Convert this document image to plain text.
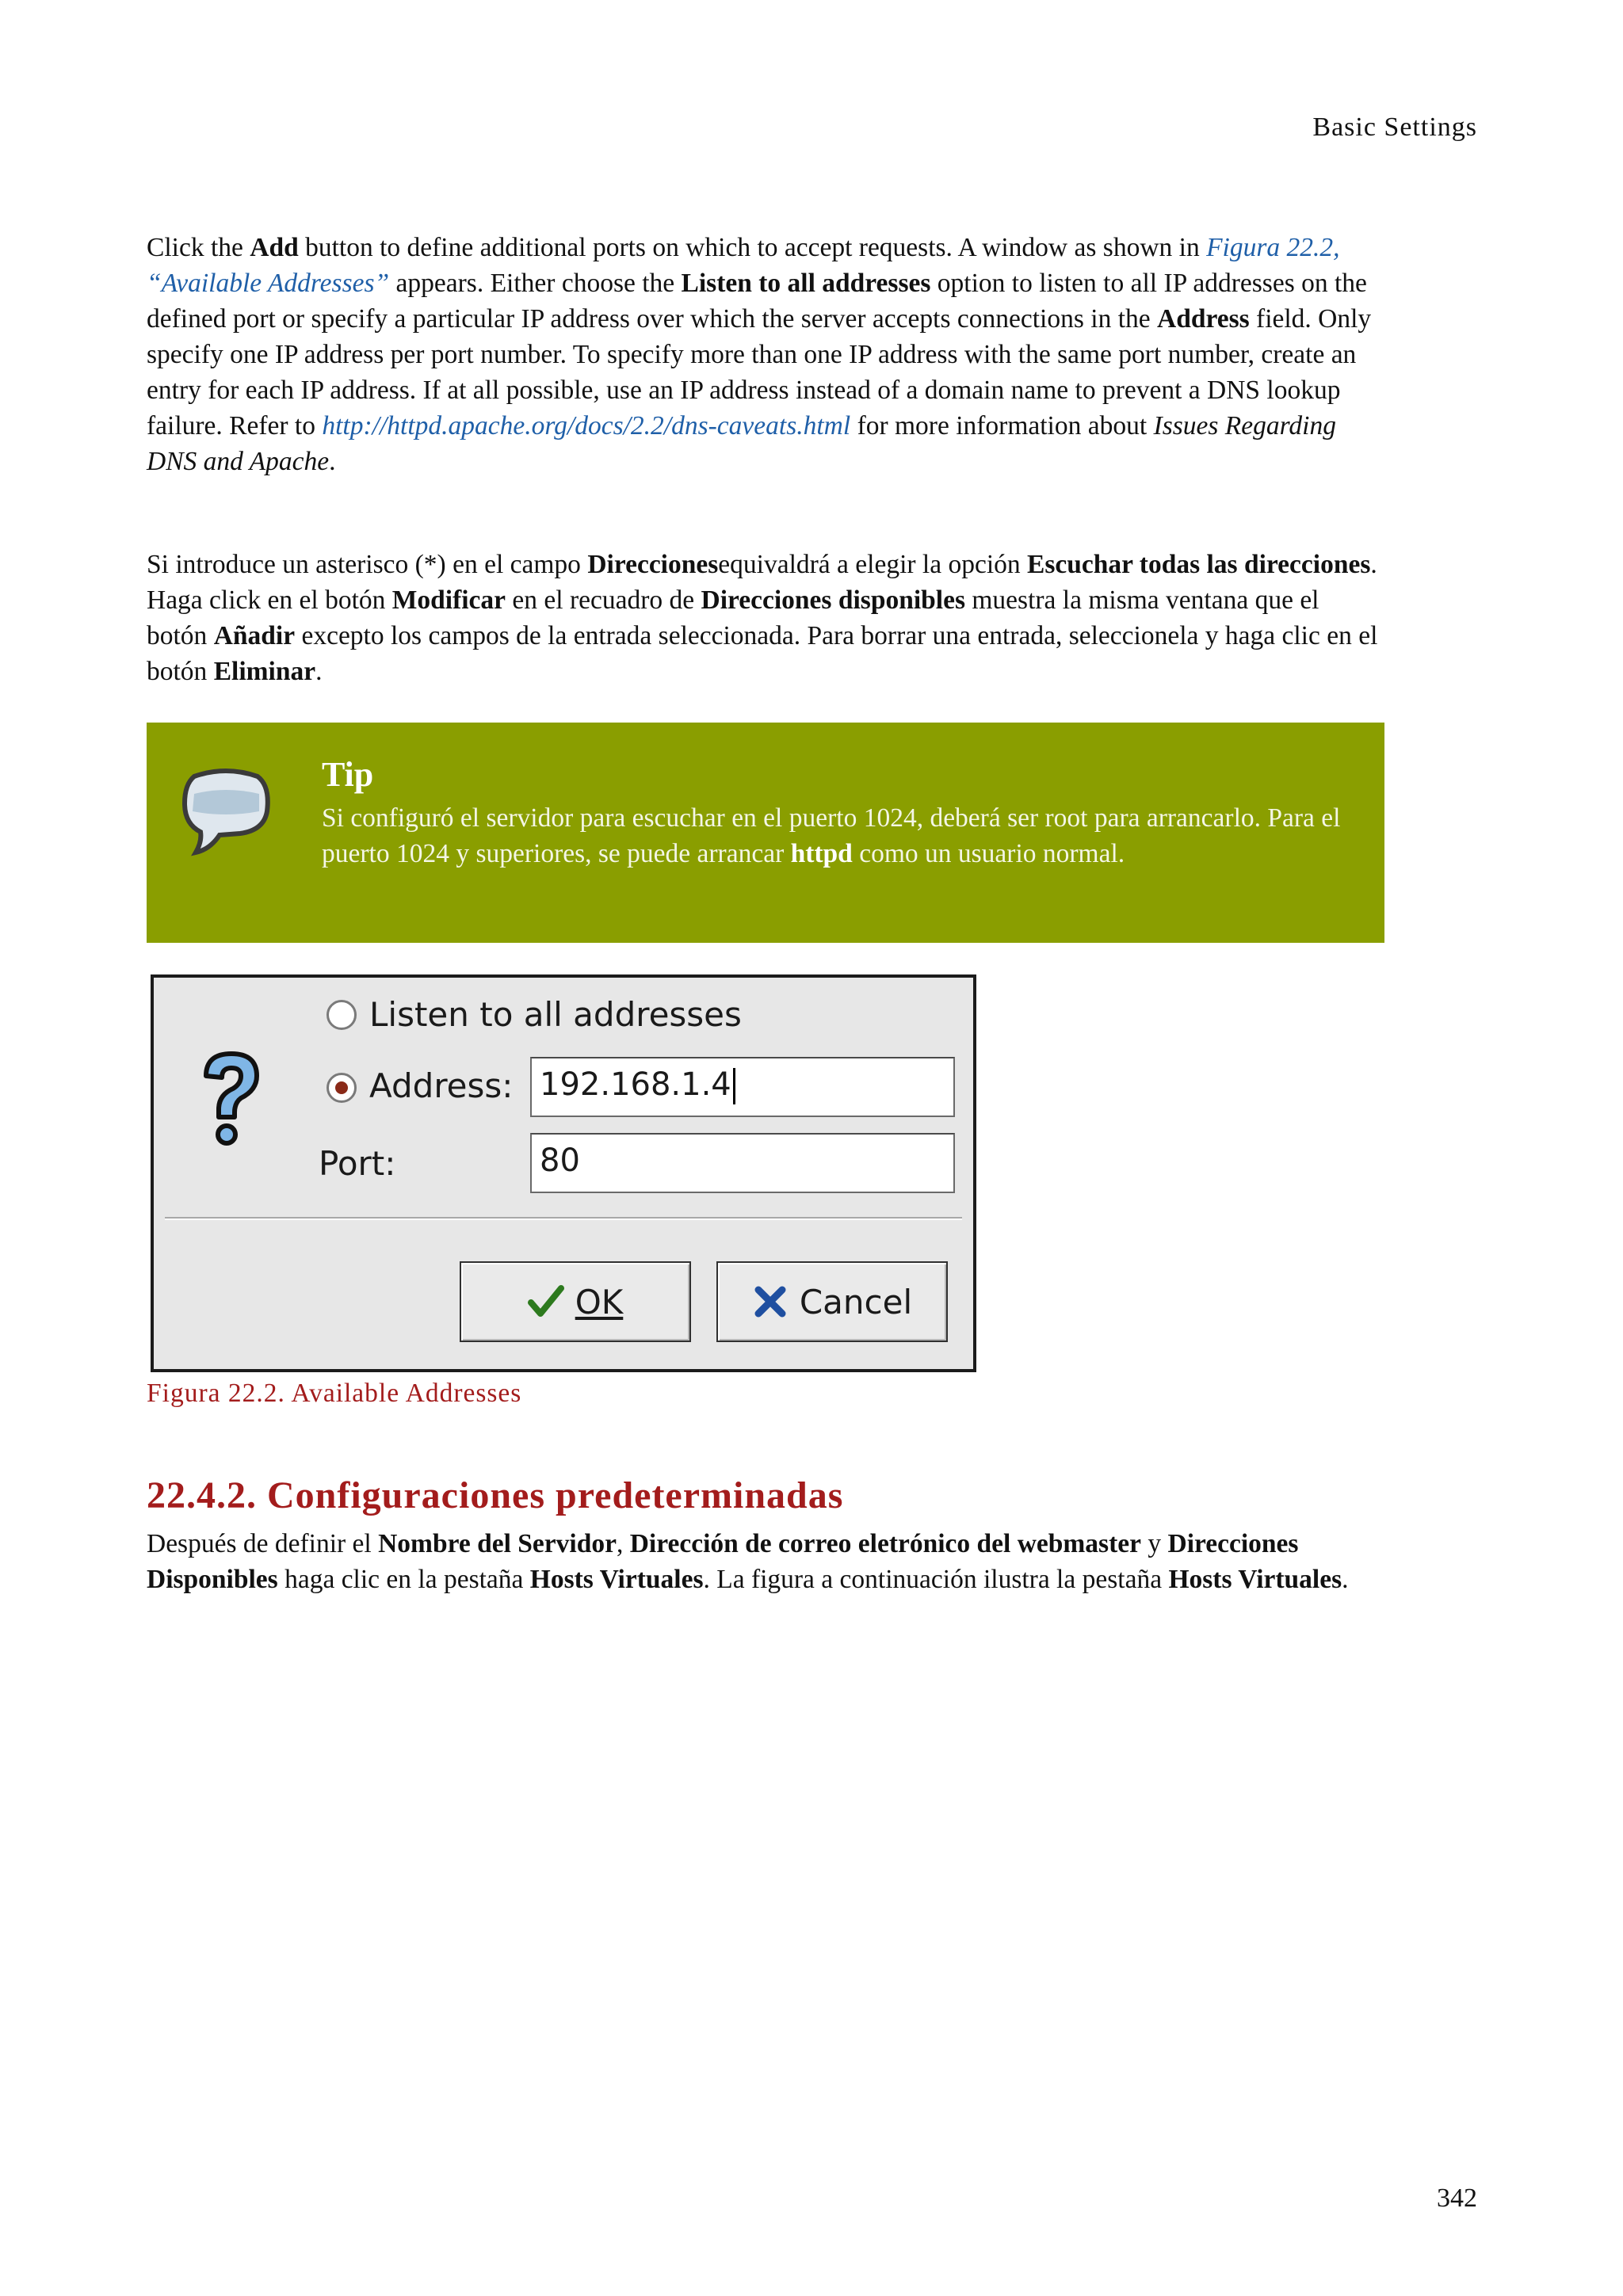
Basic Settings

Click the Add button to define additional ports on which to accept requests. A window as shown in Figura 22.2, “Available Addresses” appears. Either choose the Listen to all addresses option to listen to all IP addresses on the defined port or specify a particular IP address over which the server accepts connections in the Address field. Only specify one IP address per port number. To specify more than one IP address with the same port number, create an entry for each IP address. If at all possible, use an IP address instead of a domain name to prevent a DNS lookup failure. Refer to http://httpd.apache.org/docs/2.2/dns-caveats.html for more information about Issues Regarding DNS and Apache.

Si introduce un asterisco (*) en el campo Direccionesequivaldrá a elegir la opción Escuchar todas las direcciones. Haga click en el botón Modificar en el recuadro de Direcciones disponibles muestra la misma ventana que el botón Añadir excepto los campos de la entrada seleccionada. Para borrar una entrada, seleccionela y haga clic en el botón Eliminar.

Tip
Si configuró el servidor para escuchar en el puerto 1024, deberá ser root para arrancarlo. Para el puerto 1024 y superiores, se puede arrancar httpd como un usuario normal.
Listen to all addresses
Address: 192.168.1.4
Port:	80
OK	Cancel
Figura 22.2. Available Addresses
22.4.2. Configuraciones predeterminadas

Después de definir el Nombre del Servidor, Dirección de correo eletrónico del webmaster y Direcciones Disponibles haga clic en la pestaña Hosts Virtuales. La figura a continuación ilustra la pestaña Hosts Virtuales.

342
